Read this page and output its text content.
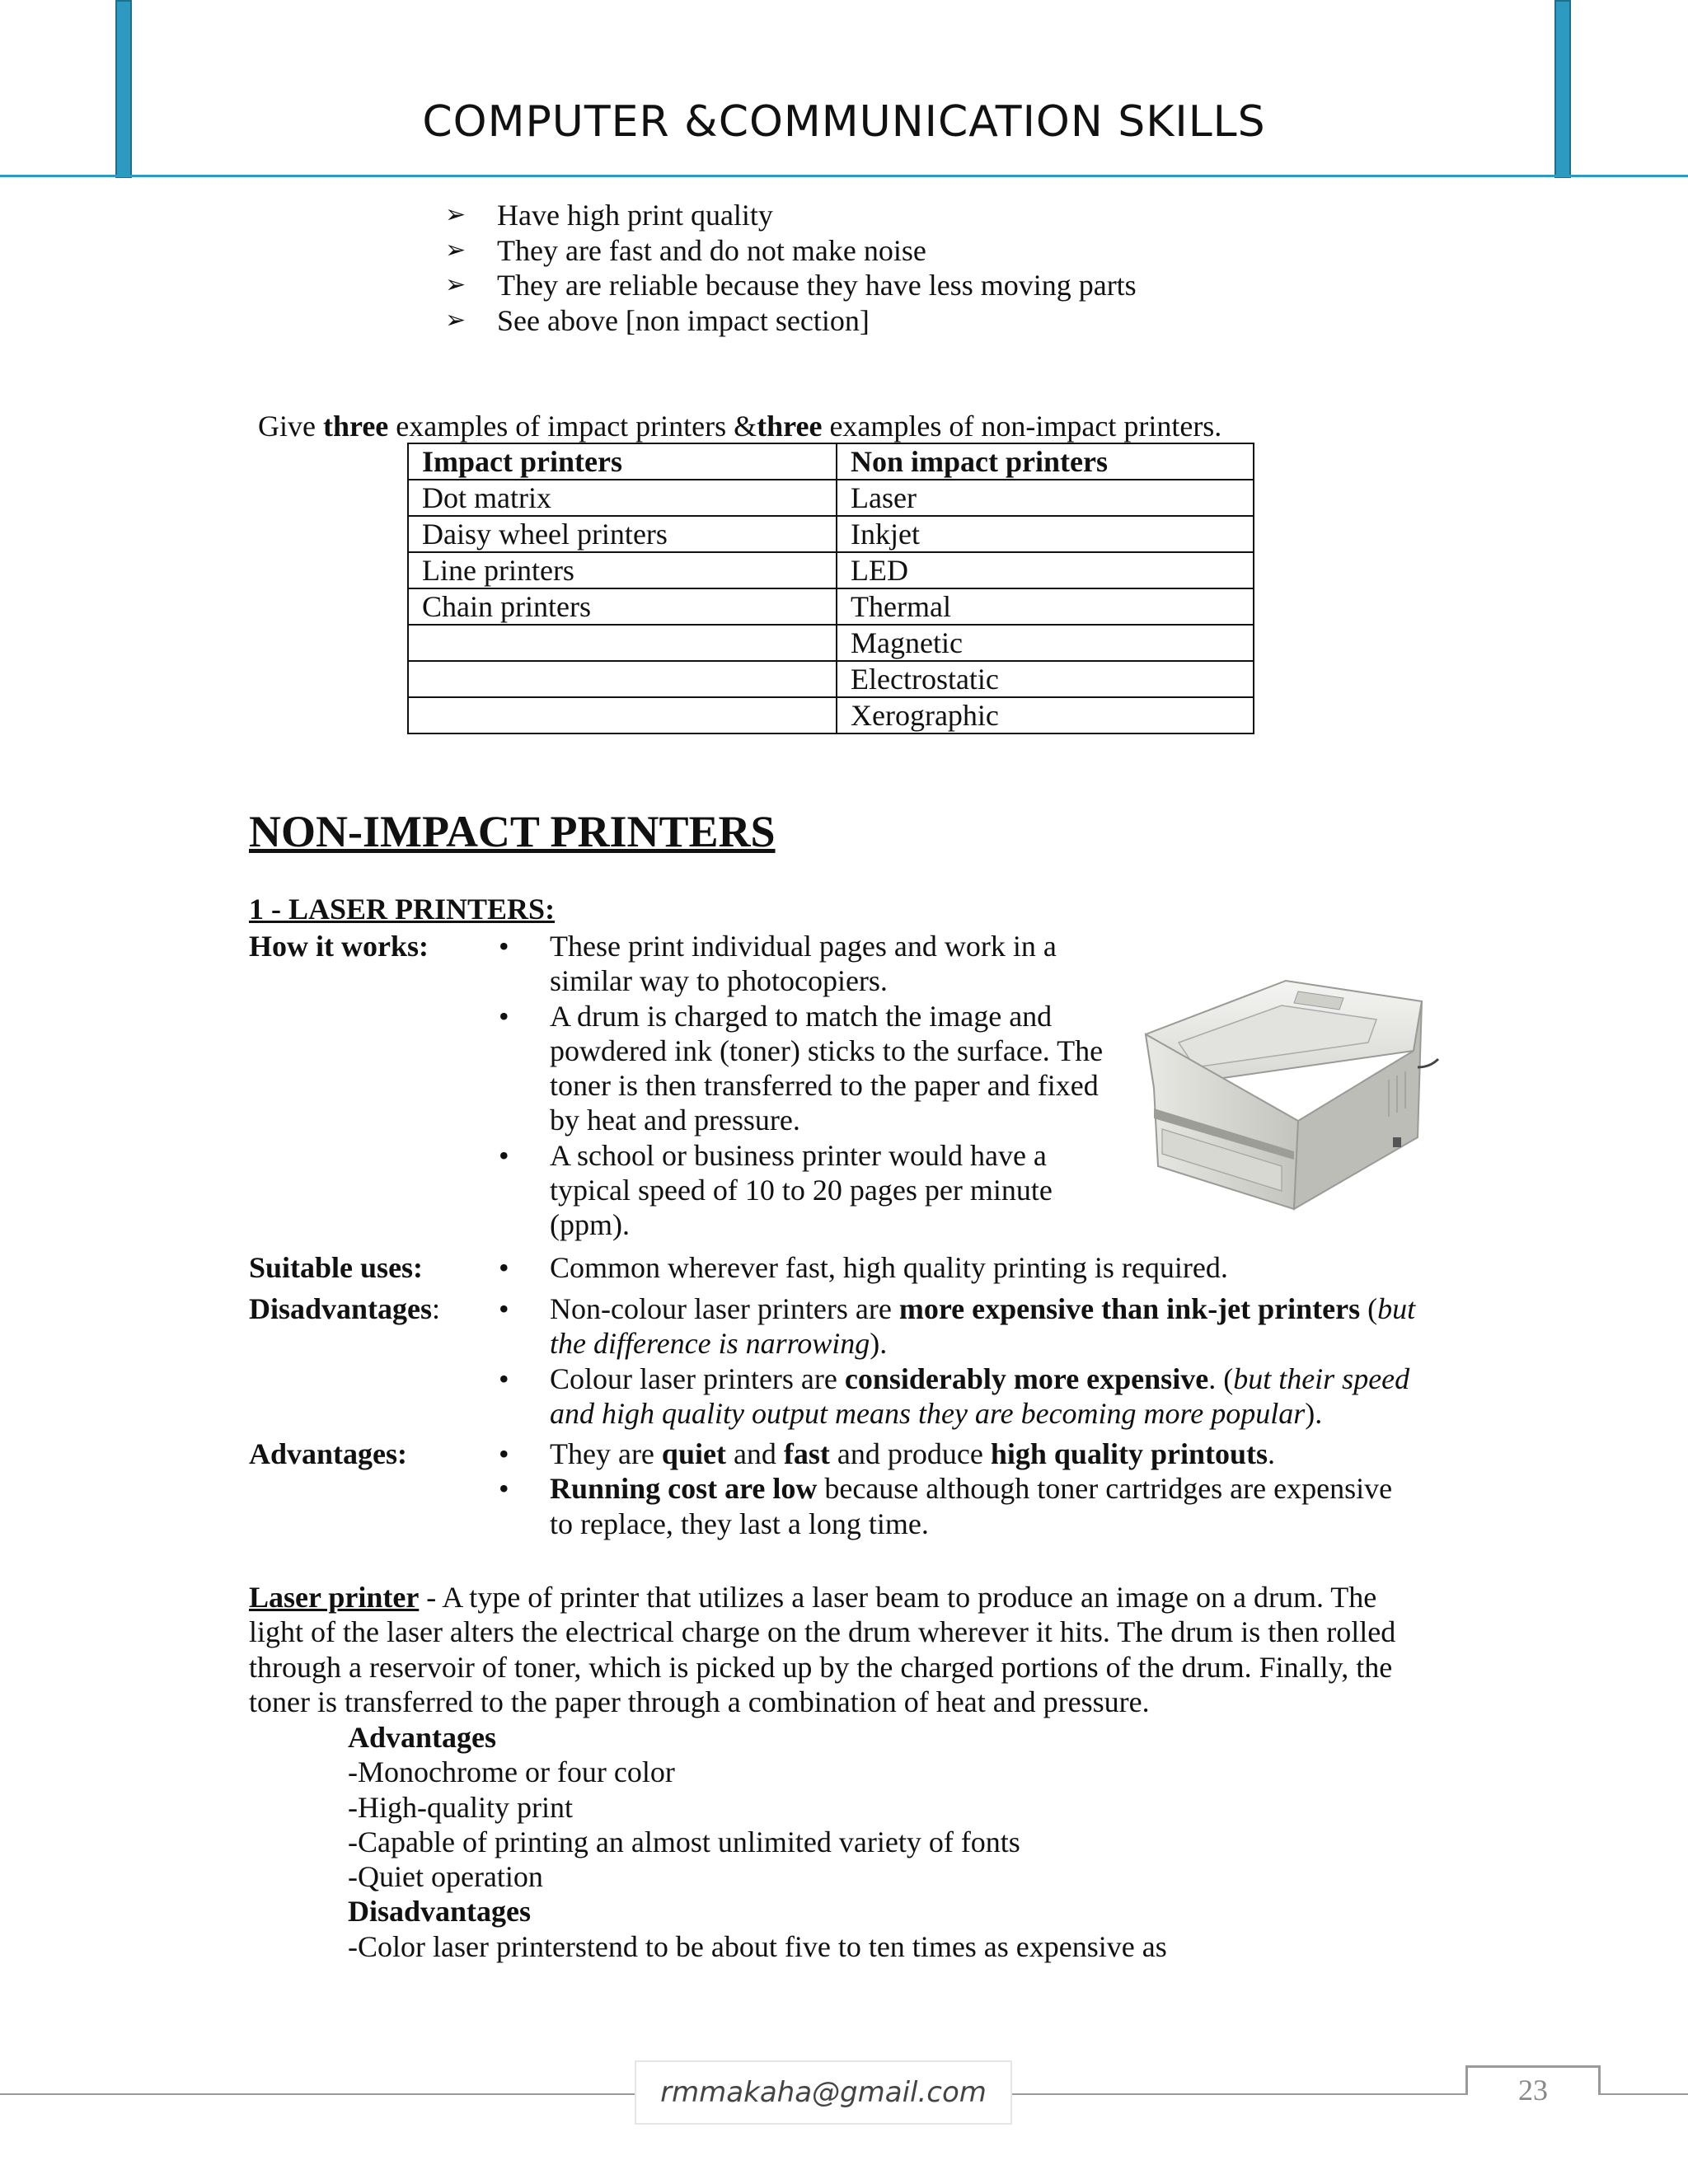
COMPUTER &COMMUNICATION SKILLS
➢ Have high print quality
➢ They are fast and do not make noise
➢ They are reliable because they have less moving parts
➢ See above [non impact section]
Give three examples of impact printers &three examples of non-impact printers.
Impact printers	Non impact printers
Dot matrix	Laser
Daisy wheel printers	Inkjet
Line printers	LED
Chain printers	Thermal
	Magnetic
	Electrostatic
	Xerographic
NON-IMPACT PRINTERS
1 - LASER PRINTERS:
How it works: • These print individual pages and work in a
similar way to photocopiers.
• A drum is charged to match the image and
powdered ink (toner) sticks to the surface. The
toner is then transferred to the paper and fixed
by heat and pressure.
• A school or business printer would have a
typical speed of 10 to 20 pages per minute
(ppm).
Suitable uses:	• Common wherever fast, high quality printing is required.
Disadvantages: • Non-colour laser printers are more expensive than ink-jet printers (but
the difference is narrowing).
• Colour laser printers are considerably more expensive. (but their speed
and high quality output means they are becoming more popular).
Advantages:	• They are quiet and fast and produce high quality printouts.
• Running cost are low because although toner cartridges are expensive
to replace, they last a long time.
Laser printer - A type of printer that utilizes a laser beam to produce an image on a drum. The
light of the laser alters the electrical charge on the drum wherever it hits. The drum is then rolled
through a reservoir of toner, which is picked up by the charged portions of the drum. Finally, the
toner is transferred to the paper through a combination of heat and pressure.
Advantages
-Monochrome or four color
-High-quality print
-Capable of printing an almost unlimited variety of fonts
-Quiet operation
Disadvantages
-Color laser printerstend to be about five to ten times as expensive as
rmmakaha@gmail.com	23
